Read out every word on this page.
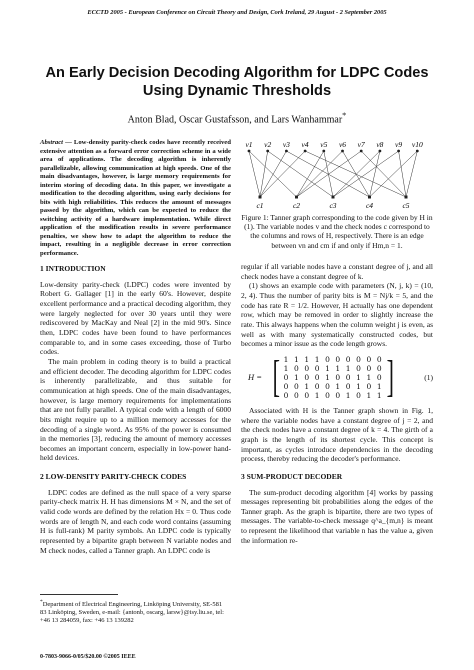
ECCTD 2005 - European Conference on Circuit Theory and Design, Cork Ireland, 29 August - 2 September 2005
An Early Decision Decoding Algorithm for LDPC Codes
Using Dynamic Thresholds
Anton Blad, Oscar Gustafsson, and Lars Wanhammar*

Abstract — Low-density parity-check codes have recently received extensive attention as a forward error correction scheme in a wide area of applications. The decoding algorithm is inherently parallelizable, allowing communication at high speeds. One of the main disadvantages, however, is large memory requirements for interim storing of decoding data. In this paper, we investigate a modification to the decoding algorithm, using early decisions for bits with high reliabilities. This reduces the amount of messages passed by the algorithm, which can be expected to reduce the switching activity of a hardware implementation. While direct application of the modification results in severe performance penalties, we show how to adapt the algorithm to reduce the impact, resulting in a negligible decrease in error correction performance.

1 INTRODUCTION

Low-density parity-check (LDPC) codes were invented by Robert G. Gallager [1] in the early 60's. However, despite excellent performance and a practical decoding algorithm, they were largely neglected for over 30 years until they were rediscovered by MacKay and Neal [2] in the mid 90's. Since then, LDPC codes have been found to have performances comparable to, and in some cases exceeding, those of Turbo codes.

The main problem in coding theory is to build a practical and efficient decoder. The decoding algorithm for LDPC codes is inherently parallelizable, and thus suitable for communication at high speeds. One of the main disadvantages, however, is large memory requirements for implementations that are not fully parallel. A typical code with a length of 6000 bits might require up to a million memory accesses for the decoding of a single word. As 95% of the power is consumed in the memories [3], reducing the amount of memory accesses becomes an important concern, especially in low-power hand-held devices.

2 LOW-DENSITY PARITY-CHECK CODES

LDPC codes are defined as the null space of a very sparse parity-check matrix H. H has dimensions M × N, and the set of valid code words are defined by the relation Hx = 0. Thus code words are of length N, and each code word contains (assuming H is full-rank) M parity symbols. An LDPC code is typically represented by a bipartite graph between N variable nodes and M check nodes, called a Tanner graph. An LDPC code is

*Department of Electrical Engineering, Linköping University, SE-581 83 Linköping, Sweden, e-mail: {antonb, oscarg, larsw}@isy.liu.se, tel: +46 13 284059, fax: +46 13 139282
0-7803-9066-0/05/$20.00 ©2005 IEEE
v1 v2 v3 v4 v5 v6 v7 v8 v9 v10
c1	c2	c3	c4	c5
Figure 1: Tanner graph corresponding to the code given by H in (1). The variable nodes v and the check nodes c correspond to the columns and rows of H, respectively. There is an edge between vn and cm if and only if Hm,n = 1.

regular if all variable nodes have a constant degree of j, and all check nodes have a constant degree of k.

(1) shows an example code with parameters (N, j, k) = (10, 2, 4). Thus the number of parity bits is M = Nj/k = 5, and the code has rate R = 1/2. However, H actually has one dependent row, which may be removed in order to slightly increase the rate. This always happens when the column weight j is even, as well as with many systematically constructed codes, but becomes a minor issue as the code length grows.

H = [ 1 1 1 1 0 0 0 0 0 0
1 0 0 0 1 1 1 0 0 0
0 1 0 0 1 0 0 1 1 0
0 0 1 0 0 1 0 1 0 1
0 0 0 1 0 0 1 0 1 1 ]	(1)

Associated with H is the Tanner graph shown in Fig. 1, where the variable nodes have a constant degree of j = 2, and the check nodes have a constant degree of k = 4. The girth of a graph is the length of its shortest cycle. This concept is important, as cycles introduce dependencies in the decoding process, thereby reducing the decoder's performance.

3 SUM-PRODUCT DECODER

The sum-product decoding algorithm [4] works by passing messages representing bit probabilities along the edges of the Tanner graph. As the graph is bipartite, there are two types of messages. The variable-to-check message q^a_{m,n} is meant to represent the likelihood that variable n has the value a, given the information re-
